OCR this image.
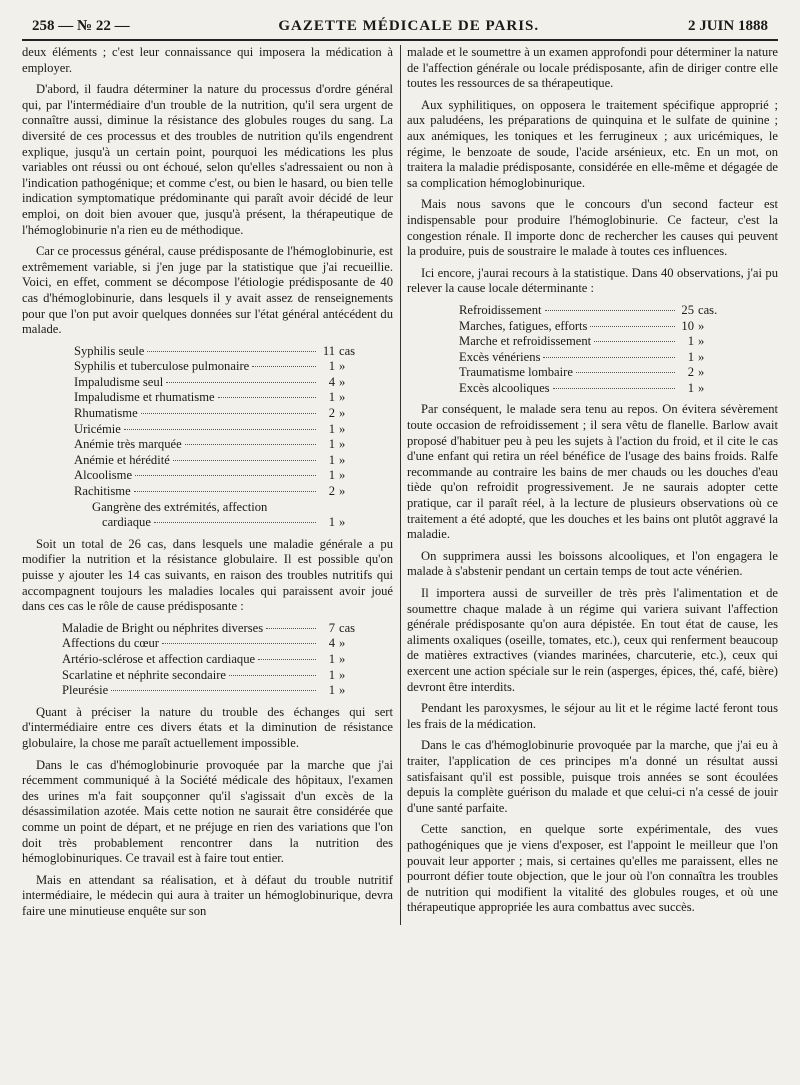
258 — № 22 —	GAZETTE MÉDICALE DE PARIS.	2 JUIN 1888

deux éléments ; c'est leur connaissance qui imposera la médication à employer.

D'abord, il faudra déterminer la nature du processus d'ordre général qui, par l'intermédiaire d'un trouble de la nutrition, qu'il sera urgent de connaître aussi, diminue la résistance des globules rouges du sang. La diversité de ces processus et des troubles de nutrition qu'ils engendrent explique, jusqu'à un certain point, pourquoi les médications les plus variables ont réussi ou ont échoué, selon qu'elles s'adressaient ou non à l'indication pathogénique; et comme c'est, ou bien le hasard, ou bien telle indication symptomatique prédominante qui paraît avoir décidé de leur emploi, on doit bien avouer que, jusqu'à présent, la thérapeutique de l'hémoglobinurie n'a rien eu de méthodique.

Car ce processus général, cause prédisposante de l'hémoglobinurie, est extrêmement variable, si j'en juge par la statistique que j'ai recueillie. Voici, en effet, comment se décompose l'étiologie prédisposante de 40 cas d'hémoglobinurie, dans lesquels il y avait assez de renseignements pour que l'on put avoir quelques données sur l'état général antécédent du malade.

Syphilis seule	11 cas
Syphilis et tuberculose pulmonaire	1 »
Impaludisme seul	4 »
Impaludisme et rhumatisme	1 »
Rhumatisme	2 »
Uricémie	1 »
Anémie très marquée	1 »
Anémie et hérédité	1 »
Alcoolisme	1 »
Rachitisme	2 »
Gangrène des extrémités, affection
cardiaque	1 »

Soit un total de 26 cas, dans lesquels une maladie générale a pu modifier la nutrition et la résistance globulaire. Il est possible qu'on puisse y ajouter les 14 cas suivants, en raison des troubles nutritifs qui accompagnent toujours les maladies locales qui paraissent avoir joué dans ces cas le rôle de cause prédisposante :

Maladie de Bright ou néphrites diverses	7 cas
Affections du cœur	4 »
Artério-sclérose et affection cardiaque	1 »
Scarlatine et néphrite secondaire	1 »
Pleurésie	1 »

Quant à préciser la nature du trouble des échanges qui sert d'intermédiaire entre ces divers états et la diminution de résistance globulaire, la chose me paraît actuellement impossible.

Dans le cas d'hémoglobinurie provoquée par la marche que j'ai récemment communiqué à la Société médicale des hôpitaux, l'examen des urines m'a fait soupçonner qu'il s'agissait d'un excès de la désassimilation azotée. Mais cette notion ne saurait être considérée que comme un point de départ, et ne préjuge en rien des variations que l'on doit très probablement rencontrer dans la nutrition des hémoglobinuriques. Ce travail est à faire tout entier.

Mais en attendant sa réalisation, et à défaut du trouble nutritif intermédiaire, le médecin qui aura à traiter un hémoglobinurique, devra faire une minutieuse enquête sur son

malade et le soumettre à un examen approfondi pour déterminer la nature de l'affection générale ou locale prédisposante, afin de diriger contre elle toutes les ressources de sa thérapeutique.

Aux syphilitiques, on opposera le traitement spécifique approprié ; aux paludéens, les préparations de quinquina et le sulfate de quinine ; aux anémiques, les toniques et les ferrugineux ; aux uricémiques, le régime, le benzoate de soude, l'acide arsénieux, etc. En un mot, on traitera la maladie prédisposante, considérée en elle-même et dégagée de sa complication hémoglobinurique.

Mais nous savons que le concours d'un second facteur est indispensable pour produire l'hémoglobinurie. Ce facteur, c'est la congestion rénale. Il importe donc de rechercher les causes qui peuvent la produire, puis de soustraire le malade à toutes ces influences.

Ici encore, j'aurai recours à la statistique. Dans 40 observations, j'ai pu relever la cause locale déterminante :

Refroidissement	25 cas.
Marches, fatigues, efforts	10 »
Marche et refroidissement	1 »
Excès vénériens	1 »
Traumatisme lombaire	2 »
Excès alcooliques	1 »

Par conséquent, le malade sera tenu au repos. On évitera sévèrement toute occasion de refroidissement ; il sera vêtu de flanelle. Barlow avait proposé d'habituer peu à peu les sujets à l'action du froid, et il cite le cas d'une enfant qui retira un réel bénéfice de l'usage des bains froids. Ralfe recommande au contraire les bains de mer chauds ou les douches d'eau tiède qu'on refroidit progressivement. Je ne saurais adopter cette pratique, car il paraît réel, à la lecture de plusieurs observations où ce traitement a été adopté, que les douches et les bains ont plutôt aggravé la maladie.

On supprimera aussi les boissons alcooliques, et l'on engagera le malade à s'abstenir pendant un certain temps de tout acte vénérien.

Il importera aussi de surveiller de très près l'alimentation et de soumettre chaque malade à un régime qui variera suivant l'affection générale prédisposante qu'on aura dépistée. En tout état de cause, les aliments oxaliques (oseille, tomates, etc.), ceux qui renferment beaucoup de matières extractives (viandes marinées, charcuterie, etc.), ceux qui exercent une action spéciale sur le rein (asperges, épices, thé, café, bière) devront être interdits.

Pendant les paroxysmes, le séjour au lit et le régime lacté feront tous les frais de la médication.

Dans le cas d'hémoglobinurie provoquée par la marche, que j'ai eu à traiter, l'application de ces principes m'a donné un résultat aussi satisfaisant qu'il est possible, puisque trois années se sont écoulées depuis la complète guérison du malade et que celui-ci n'a cessé de jouir d'une santé parfaite.

Cette sanction, en quelque sorte expérimentale, des vues pathogéniques que je viens d'exposer, est l'appoint le meilleur que l'on pouvait leur apporter ; mais, si certaines qu'elles me paraissent, elles ne pourront défier toute objection, que le jour où l'on connaîtra les troubles de nutrition qui modifient la vitalité des globules rouges, et où une thérapeutique appropriée les aura combattus avec succès.
